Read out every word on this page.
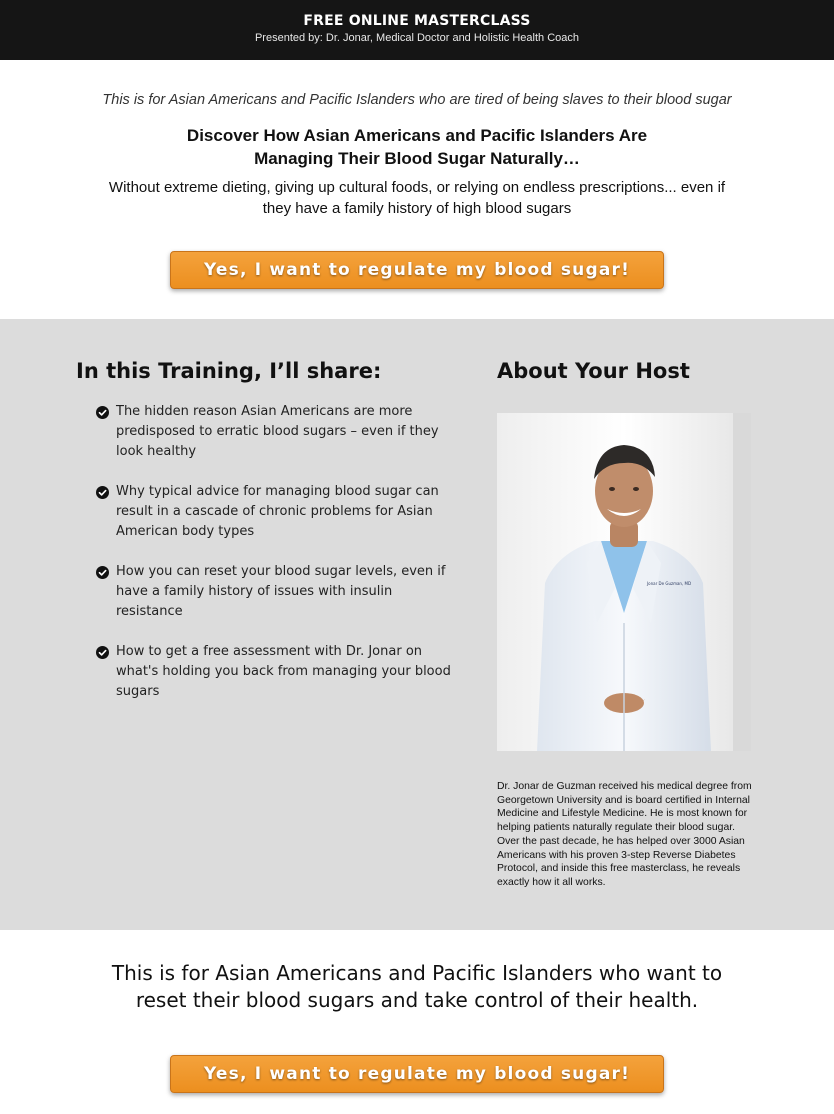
FREE ONLINE MASTERCLASS
Presented by: Dr. Jonar, Medical Doctor and Holistic Health Coach
This is for Asian Americans and Pacific Islanders who are tired of being slaves to their blood sugar
Discover How Asian Americans and Pacific Islanders Are Managing Their Blood Sugar Naturally…
Without extreme dieting, giving up cultural foods, or relying on endless prescriptions... even if they have a family history of high blood sugars
Yes, I want to regulate my blood sugar!
In this Training, I’ll share:
The hidden reason Asian Americans are more predisposed to erratic blood sugars – even if they look healthy
Why typical advice for managing blood sugar can result in a cascade of chronic problems for Asian American body types
How you can reset your blood sugar levels, even if have a family history of issues with insulin resistance
How to get a free assessment with Dr. Jonar on what's holding you back from managing your blood sugars
About Your Host
Jonar De Guzman, MD
Dr. Jonar de Guzman received his medical degree from Georgetown University and is board certified in Internal Medicine and Lifestyle Medicine. He is most known for helping patients naturally regulate their blood sugar. Over the past decade, he has helped over 3000 Asian Americans with his proven 3-step Reverse Diabetes Protocol, and inside this free masterclass, he reveals exactly how it all works.
This is for Asian Americans and Pacific Islanders who want to reset their blood sugars and take control of their health.
Yes, I want to regulate my blood sugar!
